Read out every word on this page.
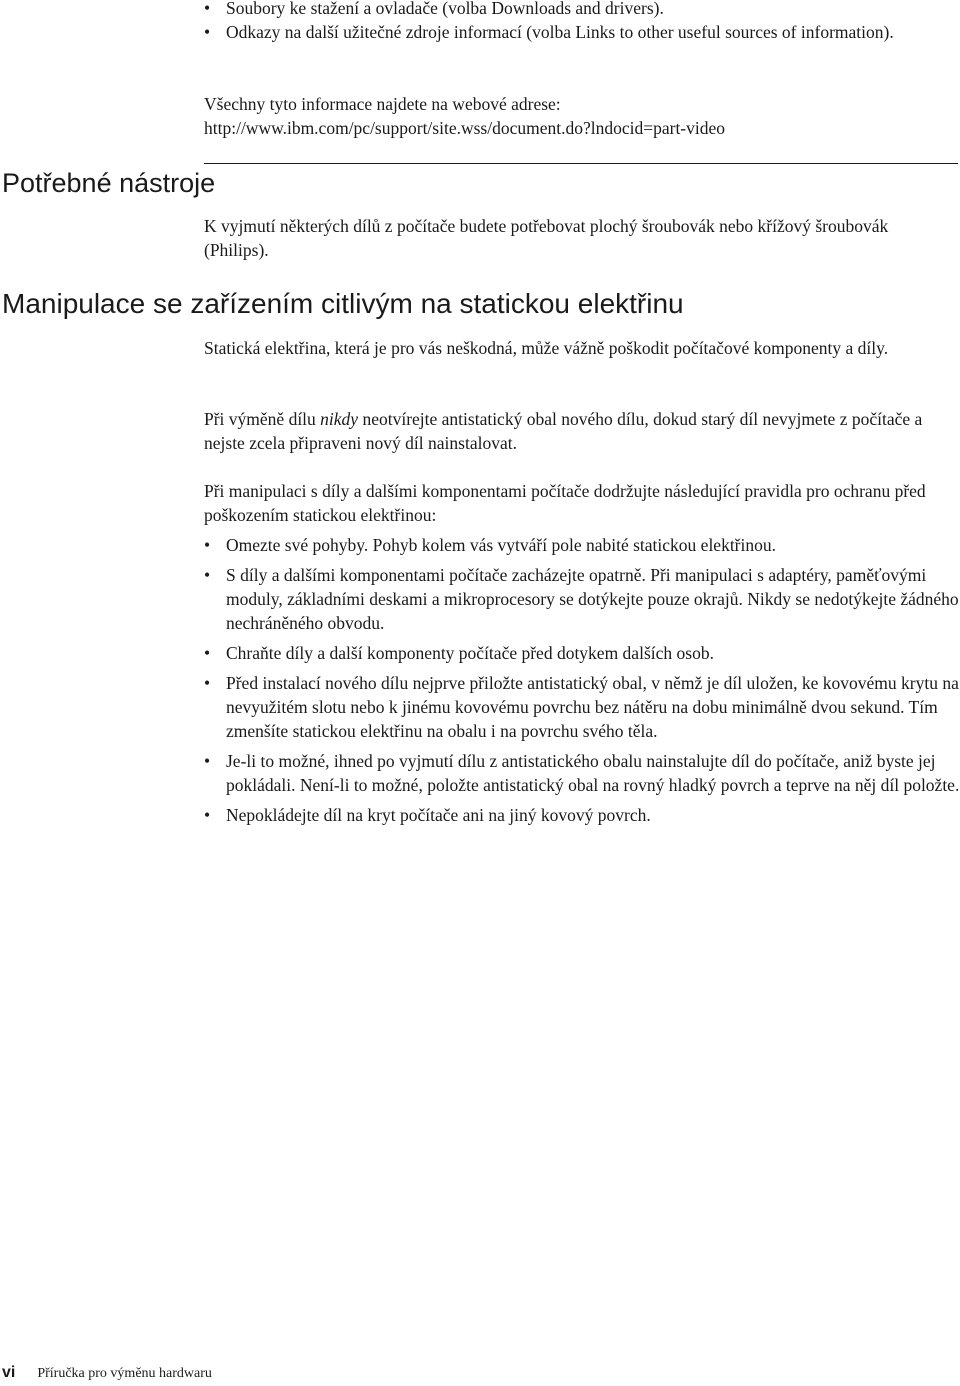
• Soubory ke stažení a ovladače (volba Downloads and drivers).
• Odkazy na další užitečné zdroje informací (volba Links to other useful sources of information).

Všechny tyto informace najdete na webové adrese:

http://www.ibm.com/pc/support/site.wss/document.do?lndocid=part-video

Potřebné nástroje

K vyjmutí některých dílů z počítače budete potřebovat plochý šroubovák nebo křížový šroubovák (Philips).

Manipulace se zařízením citlivým na statickou elektřinu

Statická elektřina, která je pro vás neškodná, může vážně poškodit počítačové komponenty a díly.

Při výměně dílu nikdy neotvírejte antistatický obal nového dílu, dokud starý díl nevyjmete z počítače a nejste zcela připraveni nový díl nainstalovat.

Při manipulaci s díly a dalšími komponentami počítače dodržujte následující pravidla pro ochranu před poškozením statickou elektřinou:

• Omezte své pohyby. Pohyb kolem vás vytváří pole nabité statickou elektřinou.
• S díly a dalšími komponentami počítače zacházejte opatrně. Při manipulaci s adaptéry, paměťovými moduly, základními deskami a mikroprocesory se dotýkejte pouze okrajů. Nikdy se nedotýkejte žádného nechráněného obvodu.
• Chraňte díly a další komponenty počítače před dotykem dalších osob.
• Před instalací nového dílu nejprve přiložte antistatický obal, v němž je díl uložen, ke kovovému krytu na nevyužitém slotu nebo k jinému kovovému povrchu bez nátěru na dobu minimálně dvou sekund. Tím zmenšíte statickou elektřinu na obalu i na povrchu svého těla.
• Je-li to možné, ihned po vyjmutí dílu z antistatického obalu nainstalujte díl do počítače, aniž byste jej pokládali. Není-li to možné, položte antistatický obal na rovný hladký povrch a teprve na něj díl položte.
• Nepokládejte díl na kryt počítače ani na jiný kovový povrch.
vi Příručka pro výměnu hardwaru
